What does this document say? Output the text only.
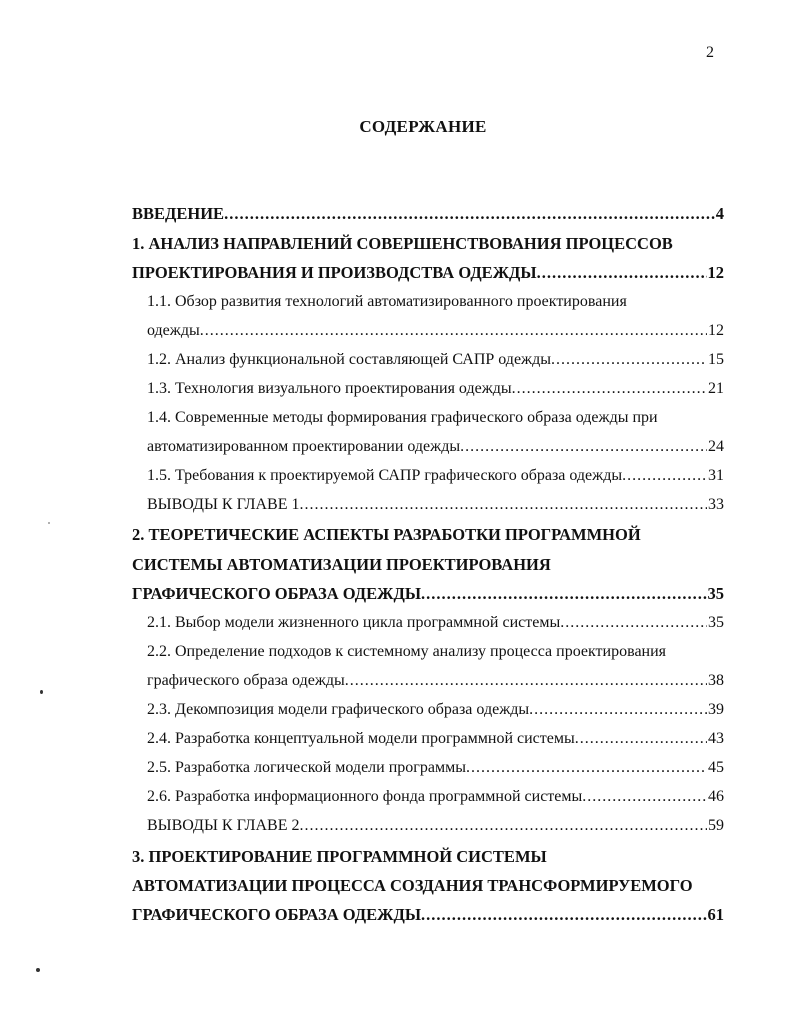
2
СОДЕРЖАНИЕ
ВВЕДЕНИЕ .....	4
1. АНАЛИЗ НАПРАВЛЕНИЙ СОВЕРШЕНСТВОВАНИЯ ПРОЦЕССОВ
ПРОЕКТИРОВАНИЯ И ПРОИЗВОДСТВА ОДЕЖДЫ .....	12
1.1. Обзор развития технологий автоматизированного проектирования
одежды .....	12
1.2. Анализ функциональной составляющей САПР одежды .....	15
1.3. Технология визуального проектирования одежды .....	21
1.4. Современные методы формирования графического образа одежды при
автоматизированном проектировании одежды .....	24
1.5. Требования к проектируемой САПР графического образа одежды .....	31
ВЫВОДЫ К ГЛАВЕ 1 .....	33
2. ТЕОРЕТИЧЕСКИЕ АСПЕКТЫ РАЗРАБОТКИ ПРОГРАММНОЙ
СИСТЕМЫ АВТОМАТИЗАЦИИ ПРОЕКТИРОВАНИЯ
ГРАФИЧЕСКОГО ОБРАЗА ОДЕЖДЫ .....	35
2.1. Выбор модели жизненного цикла программной системы .....	35
2.2. Определение подходов к системному анализу процесса проектирования
графического образа одежды .....	38
2.3. Декомпозиция модели графического образа одежды .....	39
2.4. Разработка концептуальной модели программной системы .....	43
2.5. Разработка логической модели программы .....	45
2.6. Разработка информационного фонда программной системы .....	46
ВЫВОДЫ К ГЛАВЕ 2 .....	59
3. ПРОЕКТИРОВАНИЕ ПРОГРАММНОЙ СИСТЕМЫ
АВТОМАТИЗАЦИИ ПРОЦЕССА СОЗДАНИЯ ТРАНСФОРМИРУЕМОГО
ГРАФИЧЕСКОГО ОБРАЗА ОДЕЖДЫ .....	61
